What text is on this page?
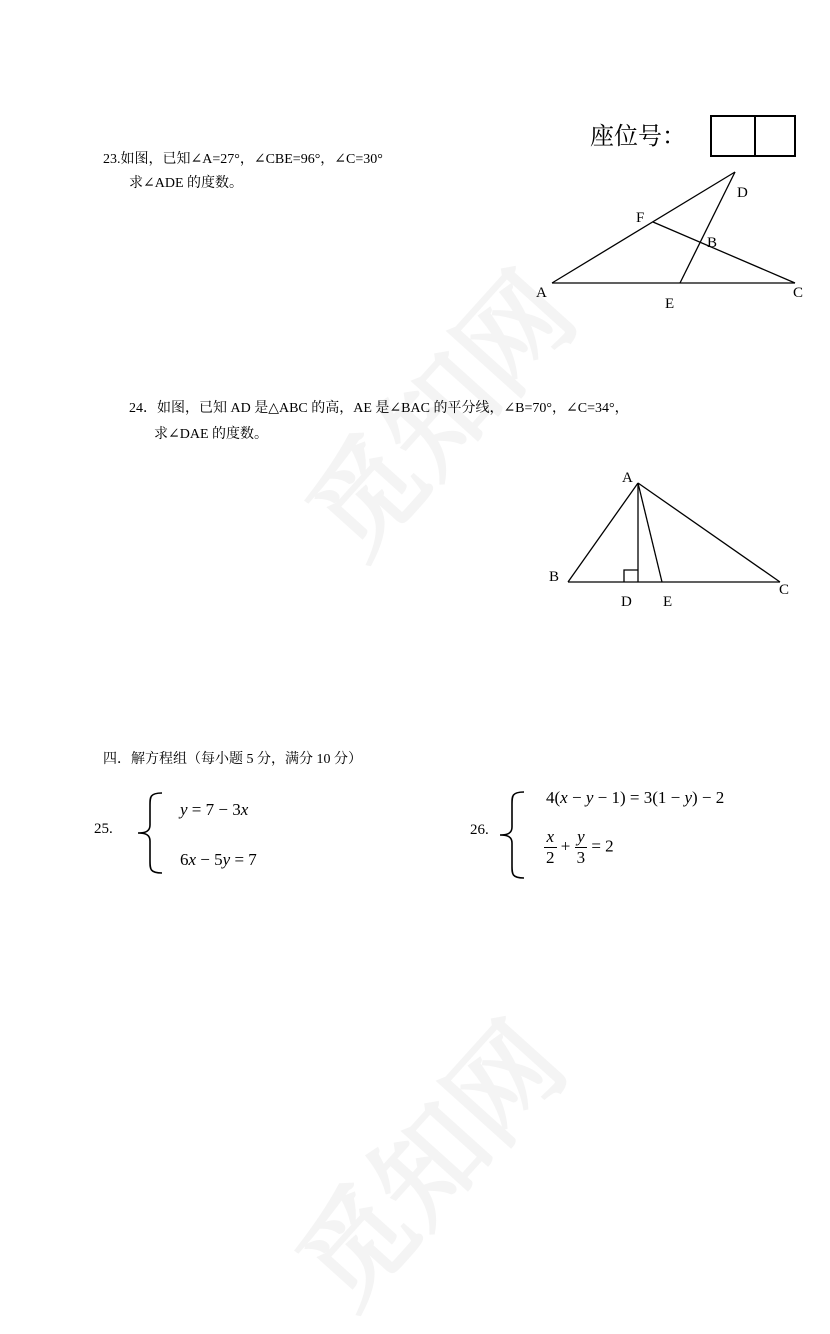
座位号：
23.如图，已知∠A=27°，∠CBE=96°，∠C=30°
求∠ADE 的度数。
A
F
D
B
E
C
24．如图，已知 AD 是△ABC 的高，AE 是∠BAC 的平分线，∠B=70°，∠C=34°，
求∠DAE 的度数。
A
B
D E
C
四．解方程组（每小题 5 分，满分 10 分）
25.
y = 7 − 3x
6x − 5y = 7
26.
4(x − y − 1) = 3(1 − y) − 2
$\frac{x}{2} + \frac{y}{3} = 2$
